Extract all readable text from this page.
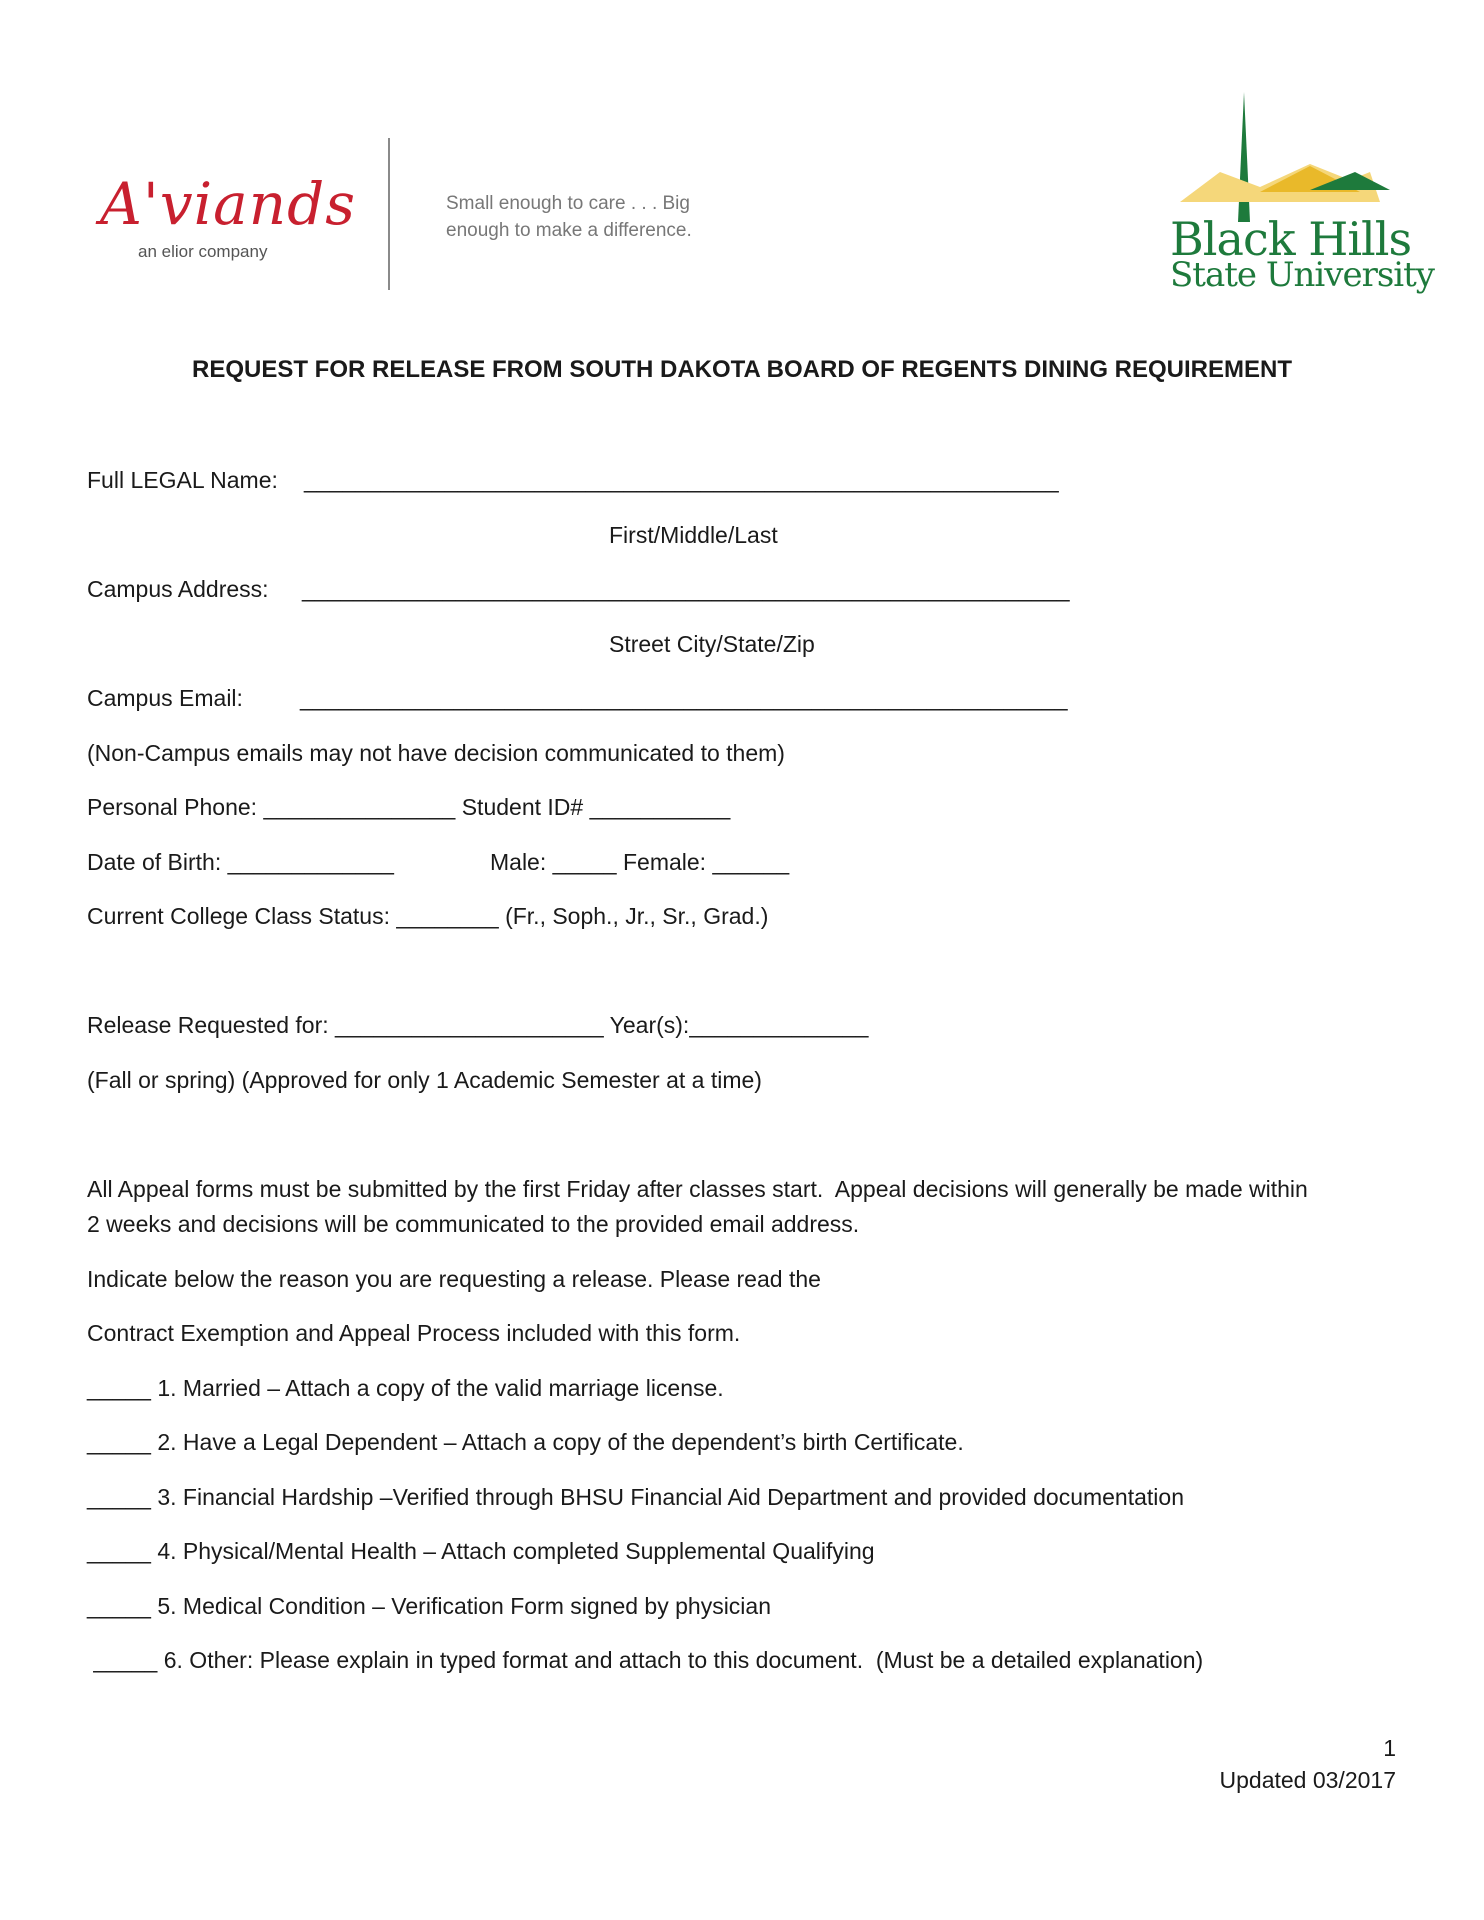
A'viands
an elior company
Small enough to care . . . Big
enough to make a difference.	Black Hills
State University
REQUEST FOR RELEASE FROM SOUTH DAKOTA BOARD OF REGENTS DINING REQUIREMENT
Full LEGAL Name: ___________________________________________________________
First/Middle/Last
Campus Address: ____________________________________________________________
Street City/State/Zip
Campus Email: ____________________________________________________________
(Non-Campus emails may not have decision communicated to them)
Personal Phone: _______________ Student ID# ___________
Date of Birth: _____________	Male: _____ Female: ______
Current College Class Status: ________ (Fr., Soph., Jr., Sr., Grad.)
Release Requested for: _____________________ Year(s):______________
(Fall or spring) (Approved for only 1 Academic Semester at a time)
All Appeal forms must be submitted by the first Friday after classes start.  Appeal decisions will generally be made within
2 weeks and decisions will be communicated to the provided email address.
Indicate below the reason you are requesting a release. Please read the
Contract Exemption and Appeal Process included with this form.
_____ 1. Married – Attach a copy of the valid marriage license.
_____ 2. Have a Legal Dependent – Attach a copy of the dependent’s birth Certificate.
_____ 3. Financial Hardship –Verified through BHSU Financial Aid Department and provided documentation
_____ 4. Physical/Mental Health – Attach completed Supplemental Qualifying
_____ 5. Medical Condition – Verification Form signed by physician
_____ 6. Other: Please explain in typed format and attach to this document.  (Must be a detailed explanation)
1
Updated 03/2017
